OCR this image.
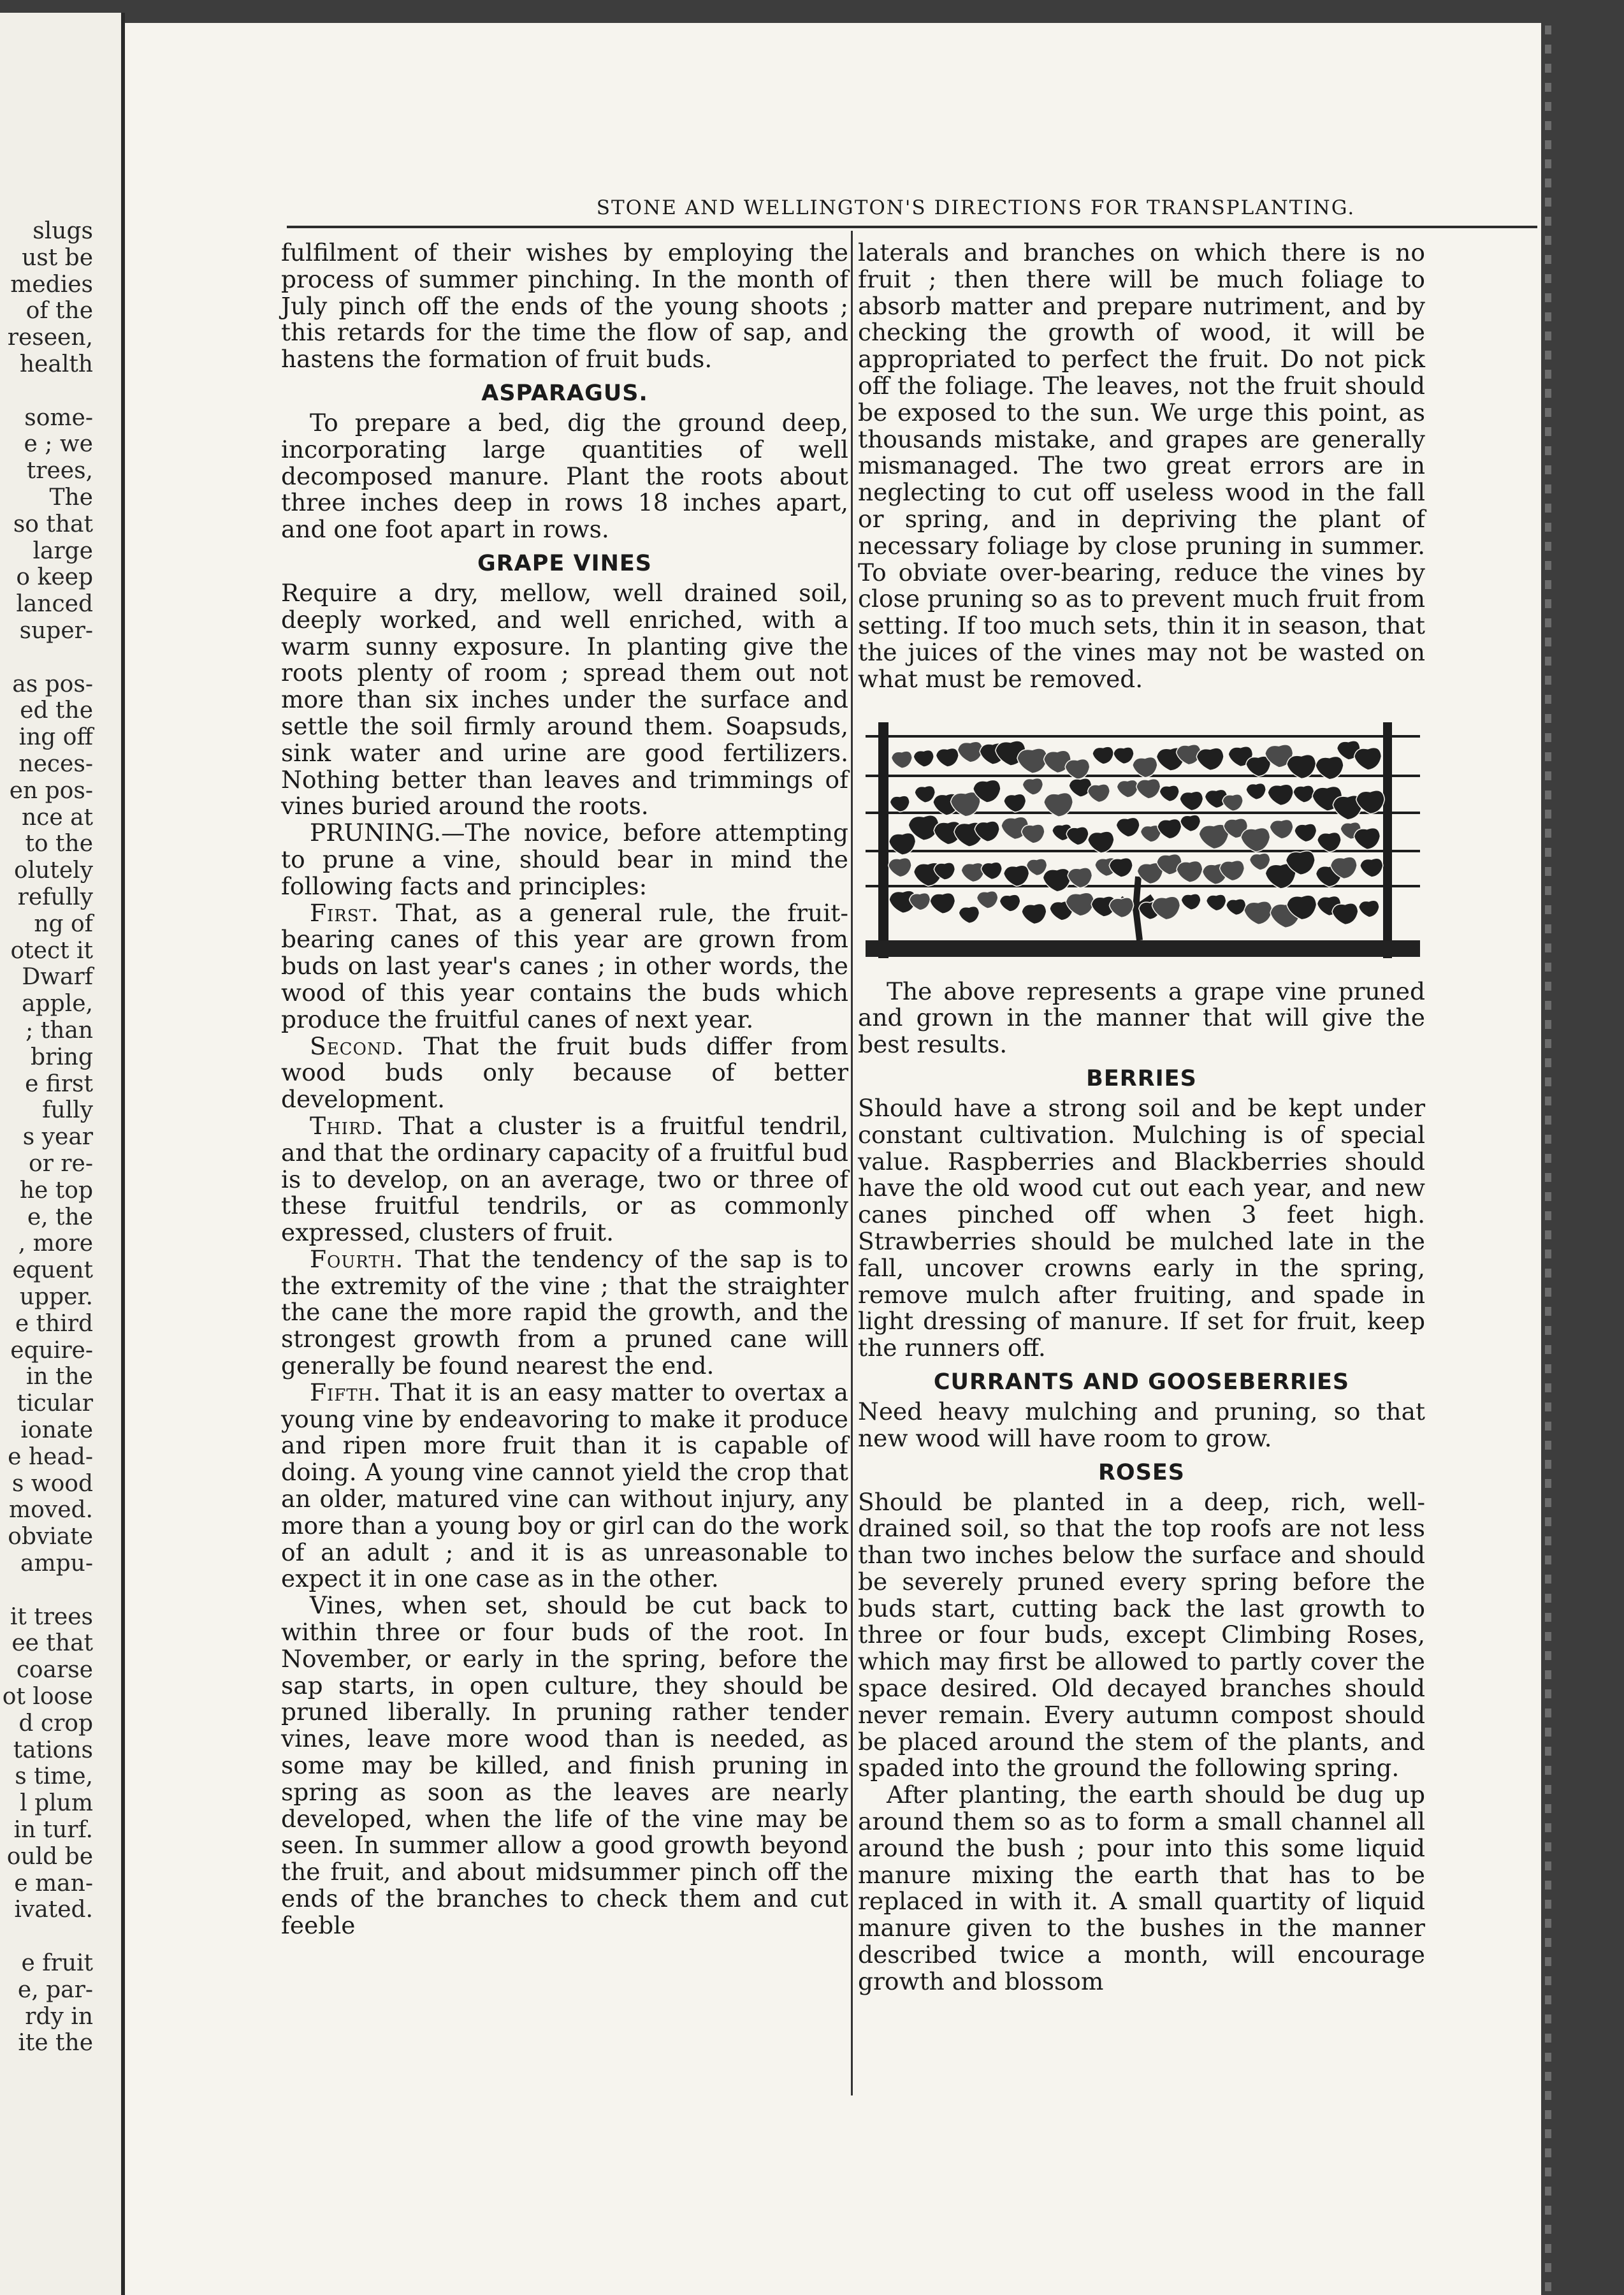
slugs
ust be
medies
of the
reseen,
health
some-
e ; we
trees,
The
so that
large
o keep
lanced
super-
as pos-
ed the
ing off
neces-
en pos-
nce at
to the
olutely
refully
ng of
otect it
Dwarf
apple,
; than
bring
e first
fully
s year
or re-
he top
e, the
, more
equent
upper.
e third
equire-
in the
ticular
ionate
e head-
s wood
moved.
obviate
ampu-
it trees
ee that
coarse
ot loose
d crop
tations
s time,
l plum
in turf.
ould be
e man-
ivated.
e fruit
e, par-
rdy in
ite the
STONE AND WELLINGTON'S DIRECTIONS FOR TRANSPLANTING.

fulfilment of their wishes by employing the process of summer pinching. In the month of July pinch off the ends of the young shoots ; this retards for the time the flow of sap, and hastens the formation of fruit buds.

ASPARAGUS.

To prepare a bed, dig the ground deep, incorporating large quantities of well decomposed manure. Plant the roots about three inches deep in rows 18 inches apart, and one foot apart in rows.

GRAPE VINES

Require a dry, mellow, well drained soil, deeply worked, and well enriched, with a warm sunny exposure. In planting give the roots plenty of room ; spread them out not more than six inches under the surface and settle the soil firmly around them. Soapsuds, sink water and urine are good fertilizers. Nothing better than leaves and trimmings of vines buried around the roots.

PRUNING.—The novice, before attempting to prune a vine, should bear in mind the following facts and principles:

First. That, as a general rule, the fruit-bearing canes of this year are grown from buds on last year's canes ; in other words, the wood of this year contains the buds which produce the fruitful canes of next year.

Second. That the fruit buds differ from wood buds only because of better development.

Third. That a cluster is a fruitful tendril, and that the ordinary capacity of a fruitful bud is to develop, on an average, two or three of these fruitful tendrils, or as commonly expressed, clusters of fruit.

Fourth. That the tendency of the sap is to the extremity of the vine ; that the straighter the cane the more rapid the growth, and the strongest growth from a pruned cane will generally be found nearest the end.

Fifth. That it is an easy matter to overtax a young vine by endeavoring to make it produce and ripen more fruit than it is capable of doing. A young vine cannot yield the crop that an older, matured vine can without injury, any more than a young boy or girl can do the work of an adult ; and it is as unreasonable to expect it in one case as in the other.

Vines, when set, should be cut back to within three or four buds of the root. In November, or early in the spring, before the sap starts, in open culture, they should be pruned liberally. In pruning rather tender vines, leave more wood than is needed, as some may be killed, and finish pruning in spring as soon as the leaves are nearly developed, when the life of the vine may be seen. In summer allow a good growth beyond the fruit, and about midsummer pinch off the ends of the branches to check them and cut feeble

laterals and branches on which there is no fruit ; then there will be much foliage to absorb matter and prepare nutriment, and by checking the growth of wood, it will be appropriated to perfect the fruit. Do not pick off the foliage. The leaves, not the fruit should be exposed to the sun. We urge this point, as thousands mistake, and grapes are generally mismanaged. The two great errors are in neglecting to cut off useless wood in the fall or spring, and in depriving the plant of necessary foliage by close pruning in summer. To obviate over-bearing, reduce the vines by close pruning so as to prevent much fruit from setting. If too much sets, thin it in season, that the juices of the vines may not be wasted on what must be removed.

The above represents a grape vine pruned and grown in the manner that will give the best results.

BERRIES

Should have a strong soil and be kept under constant cultivation. Mulching is of special value. Raspberries and Blackberries should have the old wood cut out each year, and new canes pinched off when 3 feet high. Strawberries should be mulched late in the fall, uncover crowns early in the spring, remove mulch after fruiting, and spade in light dressing of manure. If set for fruit, keep the runners off.

CURRANTS AND GOOSEBERRIES

Need heavy mulching and pruning, so that new wood will have room to grow.

ROSES

Should be planted in a deep, rich, well-drained soil, so that the top roofs are not less than two inches below the surface and should be severely pruned every spring before the buds start, cutting back the last growth to three or four buds, except Climbing Roses, which may first be allowed to partly cover the space desired. Old decayed branches should never remain. Every autumn compost should be placed around the stem of the plants, and spaded into the ground the following spring.

After planting, the earth should be dug up around them so as to form a small channel all around the bush ; pour into this some liquid manure mixing the earth that has to be replaced in with it. A small quartity of liquid manure given to the bushes in the manner described twice a month, will encourage growth and blossom
